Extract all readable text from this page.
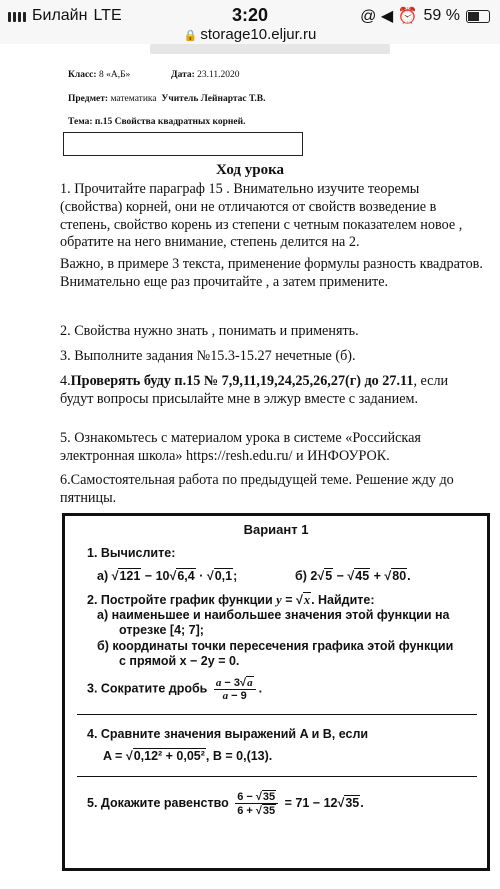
Билайн LTE	3:20	@ ◀ ⏰ 59 %
🔒 storage10.eljur.ru
Класс: 8 «А,Б»	Дата: 23.11.2020
Предмет: математика Учитель Лейнартас Т.В.
Тема: п.15 Свойства квадратных корней.
Ход урока
1. Прочитайте параграф 15 . Внимательно изучите теоремы (свойства) корней, они не отличаются от свойств возведение в степень, свойство корень из степени с четным показателем новое , обратите на него внимание, степень делится на 2.
Важно, в примере 3 текста, применение формулы разность квадратов. Внимательно еще раз прочитайте , а затем примените.
2. Свойства нужно знать , понимать и применять.
3. Выполните задания №15.3-15.27 нечетные (б).
4.Проверять буду п.15 № 7,9,11,19,24,25,26,27(г) до 27.11, если будут вопросы присылайте мне в элжур вместе с заданием.
5. Ознакомьтесь с материалом урока в системе «Российская электронная школа» https://resh.edu.ru/ и ИНФОУРОК.
6.Самостоятельная работа по предыдущей теме. Решение жду до пятницы.
Вариант 1
1. Вычислите:
а) √121 − 10√6,4 · √0,1;	б) 2√5 − √45 + √80.
2. Постройте график функции y = √x. Найдите:
а) наименьшее и наибольшее значения этой функции на
отрезке [4; 7];
б) координаты точки пересечения графика этой функции
с прямой x − 2y = 0.
3. Сократите дробь $\frac{a - 3√a}{a - 9}$ .
4. Сравните значения выражений A и B, если
A = √0,12² + 0,05², B = 0,(13).
5. Докажите равенство $\frac{6 - √35}{6 + √35} = 71 - 12√35$.
